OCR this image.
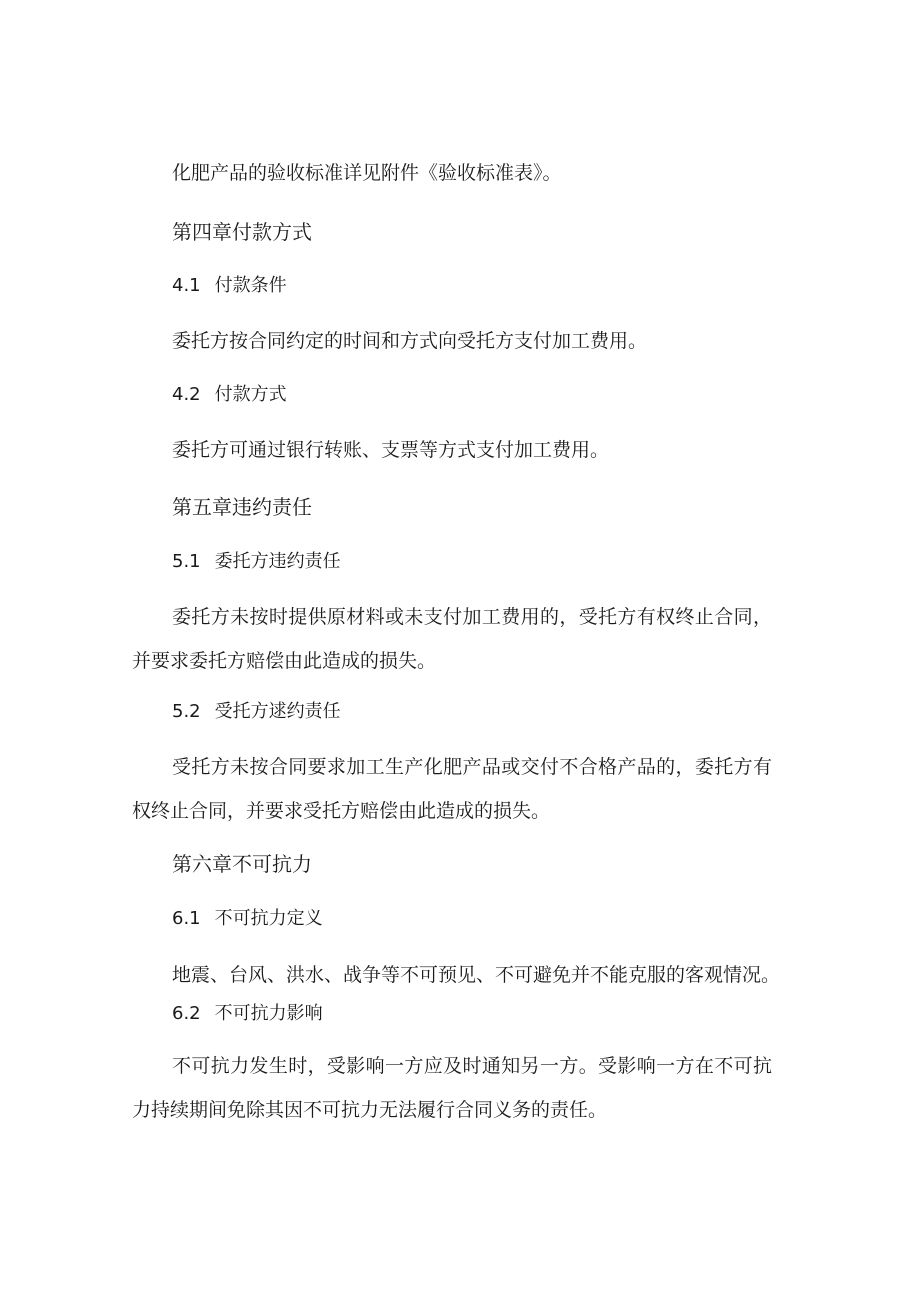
化肥产品的验收标准详见附件《验收标准表》。
第四章付款方式
4.1 付款条件
委托方按合同约定的时间和方式向受托方支付加工费用。
4.2 付款方式
委托方可通过银行转账、支票等方式支付加工费用。
第五章违约责任
5.1 委托方违约责任
委托方未按时提供原材料或未支付加工费用的，受托方有权终止合同，并要求委托方赔偿由此造成的损失。
5.2 受托方逑约责任
受托方未按合同要求加工生产化肥产品或交付不合格产品的，委托方有权终止合同，并要求受托方赔偿由此造成的损失。
第六章不可抗力
6.1 不可抗力定义
地震、台风、洪水、战争等不可预见、不可避免并不能克服的客观情况。
6.2 不可抗力影响
不可抗力发生时，受影响一方应及时通知另一方。受影响一方在不可抗力持续期间免除其因不可抗力无法履行合同义务的责任。
